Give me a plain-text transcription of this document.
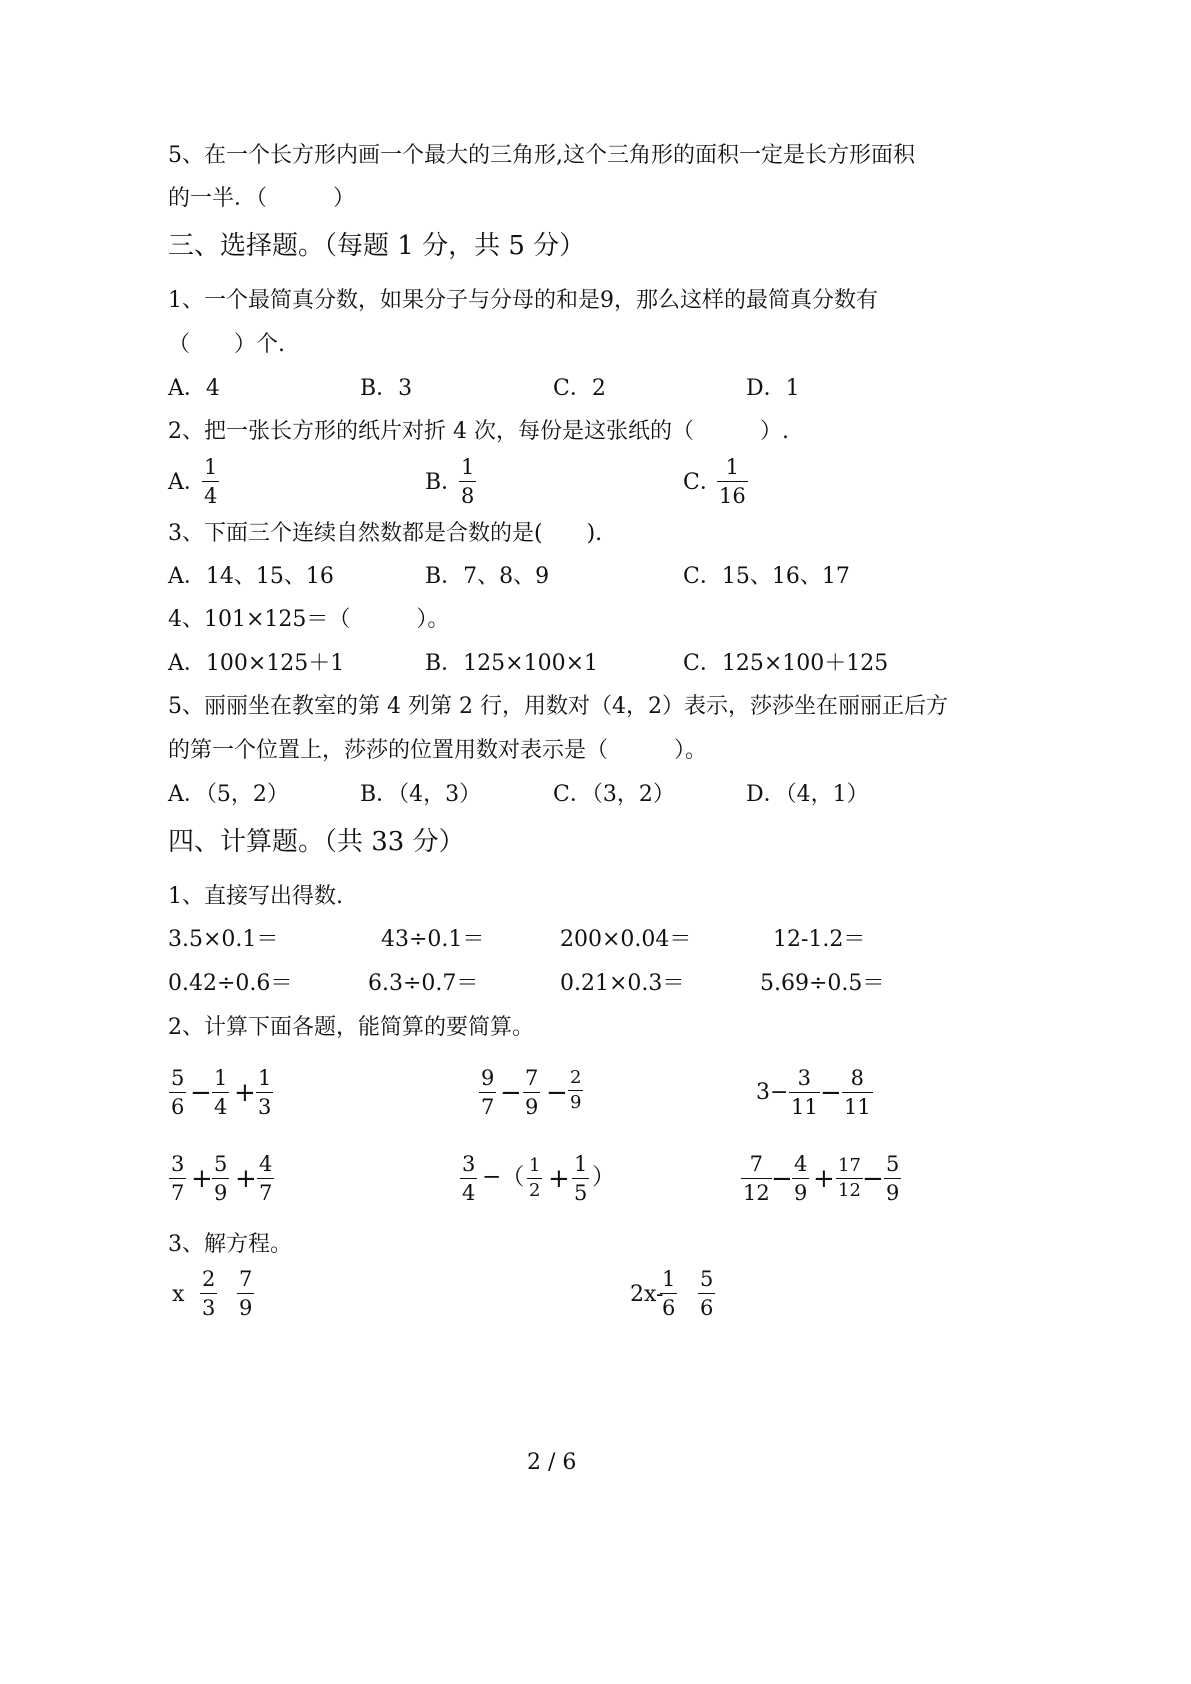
5、在一个长方形内画一个最大的三角形,这个三角形的面积一定是长方形面积
的一半．（　　　）
三、选择题。（每题 1 分，共 5 分）
1、一个最简真分数，如果分子与分母的和是9，那么这样的最简真分数有
（　　）个.
A．4	B．3	C．2	D．1
2、把一张长方形的纸片对折 4 次，每份是这张纸的（　　　）.
A．
1
4
B．
1
8
C．
1
16
3、下面三个连续自然数都是合数的是(　　).
A．14、15、16	B．7、8、9	C．15、16、17
4、101×125＝（　　　）。
A．100×125＋1	B．125×100×1	C．125×100＋125
5、丽丽坐在教室的第 4 列第 2 行，用数对（4，2）表示，莎莎坐在丽丽正后方
的第一个位置上，莎莎的位置用数对表示是（　　　）。
A．（5，2）	B．（4，3）	C．（3，2）	D．（4，1）
四、计算题。（共 33 分）
1、直接写出得数.
3.5×0.1＝	43÷0.1＝	200×0.04＝	12-1.2＝
0.42÷0.6＝	6.3÷0.7＝	0.21×0.3＝	5.69÷0.5＝
2、计算下面各题，能简算的要简算。
5
6 − 1
4 + 1
3
9
7 − 7
9 −
2
9	3−
3
11 − 8
11
3
7 + 5
9 + 4
7
3
4
−（ 1
2 + 1
5
）	7
12 − 4
9 + 17
12 − 5
9
3、解方程。
x
2
3
7
9
2x-
1
6
5
6
2 / 6
